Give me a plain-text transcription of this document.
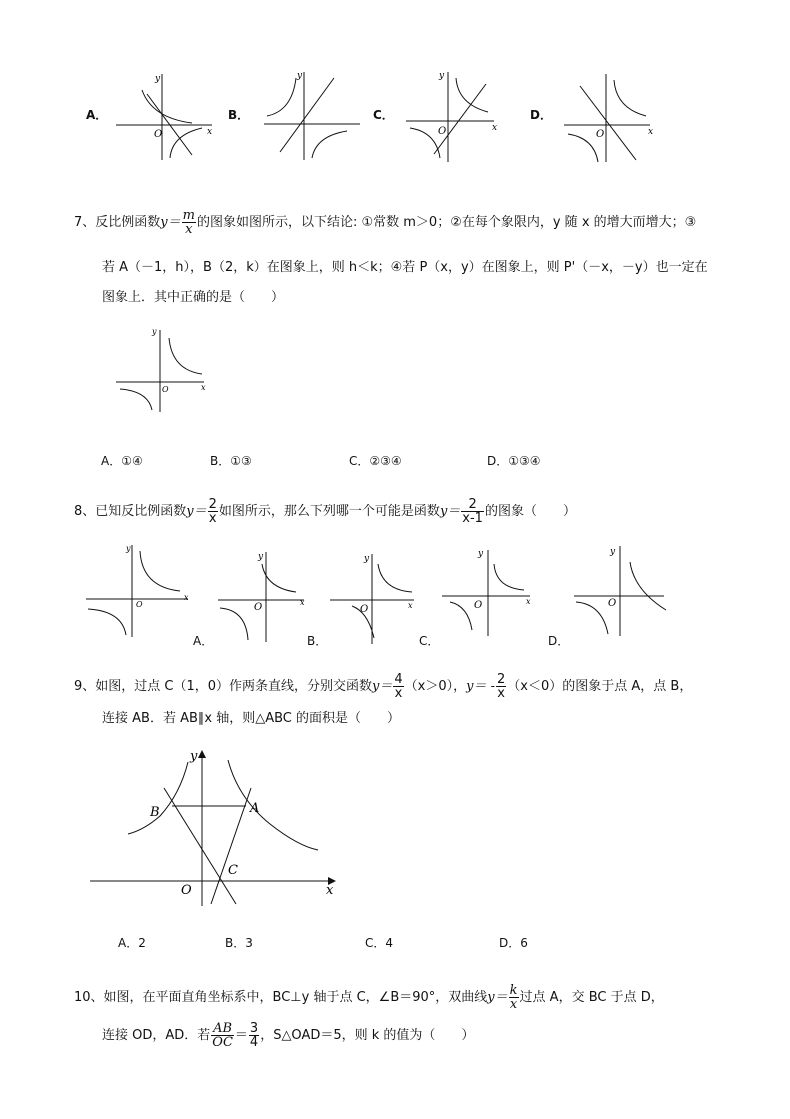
A．
O	x
y
B．
y
C．
O	x
y
D．
O	x
7、反比例函数$y= \frac{m}{x}$ 的图象如图所示，以下结论: ①常数 m＞0；②在每个象限内，y 随 x 的增大而增大；③
若 A（－1，h），B（2，k）在图象上，则 h＜k；④若 P（x，y）在图象上，则 P'（－x，－y）也一定在
图象上．其中正确的是（　　）
O	x
y
A．①④	B．①③	C．②③④	D．①③④
8、已知反比例函数$y= \frac{2}{x}$ 如图所示，那么下列哪一个可能是函数$y= \frac{2}{x-1}$ 的图象（　　）
O
x
y
A．
O
y
x
B．
O
y
x
C．
O
y
x
D．
O
y
9、如图，过点 C（1，0）作两条直线，分别交函数$y= \frac{4}{x} (x>0)$，$y= - \frac{2}{x} (x<0)$的图象于点 A，点 B，
连接 AB．若 AB∥x 轴，则△ABC 的面积是（　　）
y
x
O
B	A
C
A．2	B．3	C．4	D．6
10、如图，在平面直角坐标系中，BC⊥y 轴于点 C，∠B＝90°，双曲线$y= \frac{k}{x}$ 过点 A，交 BC 于点 D，
连接 OD，AD．若 $\frac{AB}{OC} = \frac{3}{4}$ ，S△OAD＝5，则 k 的值为（　　）
